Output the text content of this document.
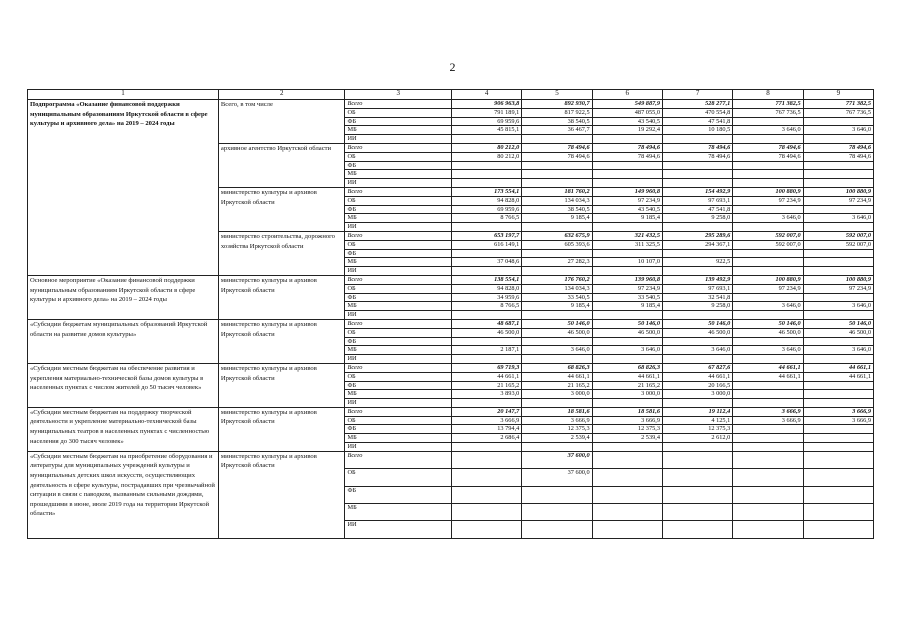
2
1	2	3	4	5	6	7	8	9
Подпрограмма «Оказание финансовой поддержки муниципальным образованиям Иркутской области в сфере культуры и архивного дела» на 2019 – 2024 годы	Всего, в том числе	Всего	906 963,8	892 930,7	549 887,9	528 277,1	771 382,5	771 382,5
		ОБ	791 189,1	817 922,5	487 055,0	470 554,8	767 736,5	767 736,5
		ФБ	69 959,6	38 540,5	43 540,5	47 541,8		
		МБ	45 815,1	36 467,7	19 292,4	10 180,5	3 646,0	3 646,0
		ИИ						
	архивное агентство Иркутской области	Всего	80 212,0	78 494,6	78 494,6	78 494,6	78 494,6	78 494,6
		ОБ	80 212,0	78 494,6	78 494,6	78 494,6	78 494,6	78 494,6
		ФБ						
		МБ						
		ИИ						
	министерство культуры и архивов Иркутской области	Всего	173 554,1	181 760,2	149 960,8	154 492,9	100 880,9	100 880,9
		ОБ	94 828,0	134 034,3	97 234,9	97 693,1	97 234,9	97 234,9
		ФБ	69 959,6	38 540,5	43 540,5	47 541,8		
		МБ	8 766,5	9 185,4	9 185,4	9 258,0	3 646,0	3 646,0
		ИИ						
	министерство строительства, дорожного хозяйства Иркутской области	Всего	653 197,7	632 675,9	321 432,5	295 289,6	592 007,0	592 007,0
		ОБ	616 149,1	605 393,6	311 325,5	294 367,1	592 007,0	592 007,0
		ФБ						
		МБ	37 048,6	27 282,3	10 107,0	922,5		
		ИИ						
Основное мероприятие «Оказание финансовой поддержки муниципальным образованиям Иркутской области в сфере культуры и архивного дела» на 2019 – 2024 годы	министерство культуры и архивов Иркутской области	Всего	138 554,1	176 760,2	139 960,8	139 492,9	100 880,9	100 880,9
		ОБ	94 828,0	134 034,3	97 234,9	97 693,1	97 234,9	97 234,9
		ФБ	34 959,6	33 540,5	33 540,5	32 541,8		
		МБ	8 766,5	9 185,4	9 185,4	9 258,0	3 646,0	3 646,0
		ИИ						
«Субсидии бюджетам муниципальных образований Иркутской области на развитие домов культуры»	министерство культуры и архивов Иркутской области	Всего	48 687,1	50 146,0	50 146,0	50 146,0	50 146,0	50 146,0
		ОБ	46 500,0	46 500,0	46 500,0	46 500,0	46 500,0	46 500,0
		ФБ						
		МБ	2 187,1	3 646,0	3 646,0	3 646,0	3 646,0	3 646,0
		ИИ						
«Субсидии местным бюджетам на обеспечение развития и укрепления материально-технической базы домов культуры в населенных пунктах с числом жителей до 50 тысяч человек»	министерство культуры и архивов Иркутской области	Всего	69 719,3	68 826,3	68 826,3	67 827,6	44 661,1	44 661,1
		ОБ	44 661,1	44 661,1	44 661,1	44 661,1	44 661,1	44 661,1
		ФБ	21 165,2	21 165,2	21 165,2	20 166,5		
		МБ	3 893,0	3 000,0	3 000,0	3 000,0		
		ИИ						
«Субсидии местным бюджетам на поддержку творческой деятельности и укрепление материально-технической базы муниципальных театров в населенных пунктах с численностью населения до 300 тысяч человек»	министерство культуры и архивов Иркутской области	Всего	20 147,7	18 581,6	18 581,6	19 112,4	3 666,9	3 666,9
		ОБ	3 666,9	3 666,9	3 666,9	4 125,1	3 666,9	3 666,9
		ФБ	13 794,4	12 375,3	12 375,3	12 375,3		
		МБ	2 686,4	2 539,4	2 539,4	2 612,0		
		ИИ						
«Субсидии местным бюджетам на приобретение оборудования и литературы для муниципальных учреждений культуры и муниципальных детских школ искусств, осуществляющих деятельность в сфере культуры, пострадавших при чрезвычайной ситуации в связи с паводком, вызванным сильными дождями, прошедшими в июне, июле 2019 года на территории Иркутской области»	министерство культуры и архивов Иркутской области	Всего		37 600,0				
		ОБ		37 600,0				
		ФБ						
		МБ						
		ИИ						
